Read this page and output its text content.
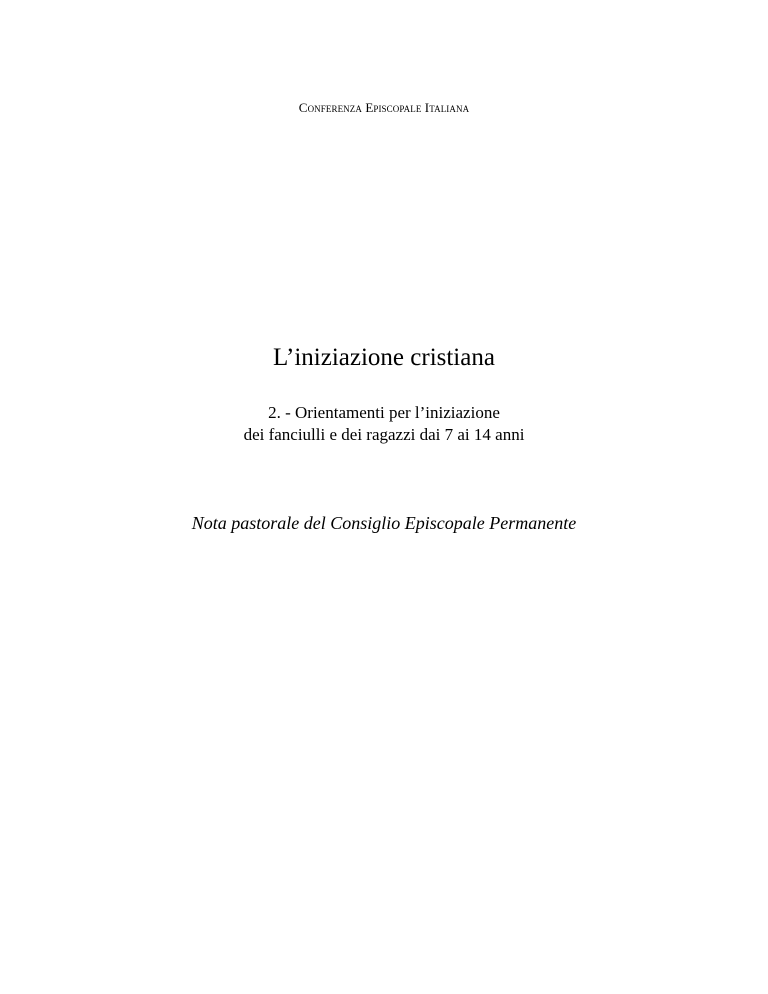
Conferenza Episcopale Italiana
L’iniziazione cristiana
2. - Orientamenti per l’iniziazione
dei fanciulli e dei ragazzi dai 7 ai 14 anni
Nota pastorale del Consiglio Episcopale Permanente
